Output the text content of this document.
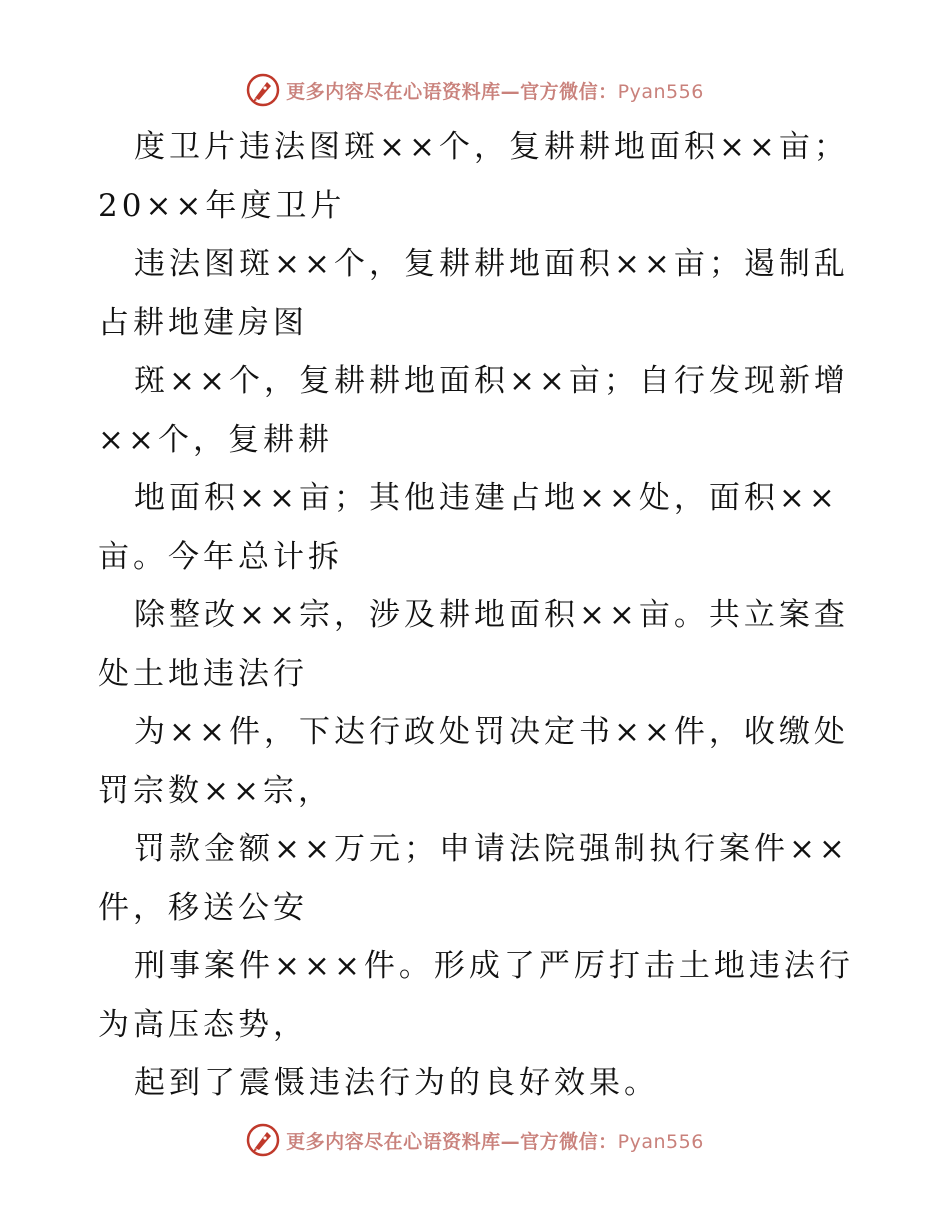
更多内容尽在心语资料库—官方微信：Pyan556
度卫片违法图斑××个，复耕耕地面积××亩；
20××年度卫片
违法图斑××个，复耕耕地面积××亩；遏制乱
占耕地建房图
斑××个，复耕耕地面积××亩；自行发现新增
××个，复耕耕
地面积××亩；其他违建占地××处，面积××
亩。今年总计拆
除整改××宗，涉及耕地面积××亩。共立案查
处土地违法行
为××件，下达行政处罚决定书××件，收缴处
罚宗数××宗，
罚款金额××万元；申请法院强制执行案件××
件，移送公安
刑事案件×××件。形成了严厉打击土地违法行
为高压态势，
起到了震慑违法行为的良好效果。
更多内容尽在心语资料库—官方微信：Pyan556
